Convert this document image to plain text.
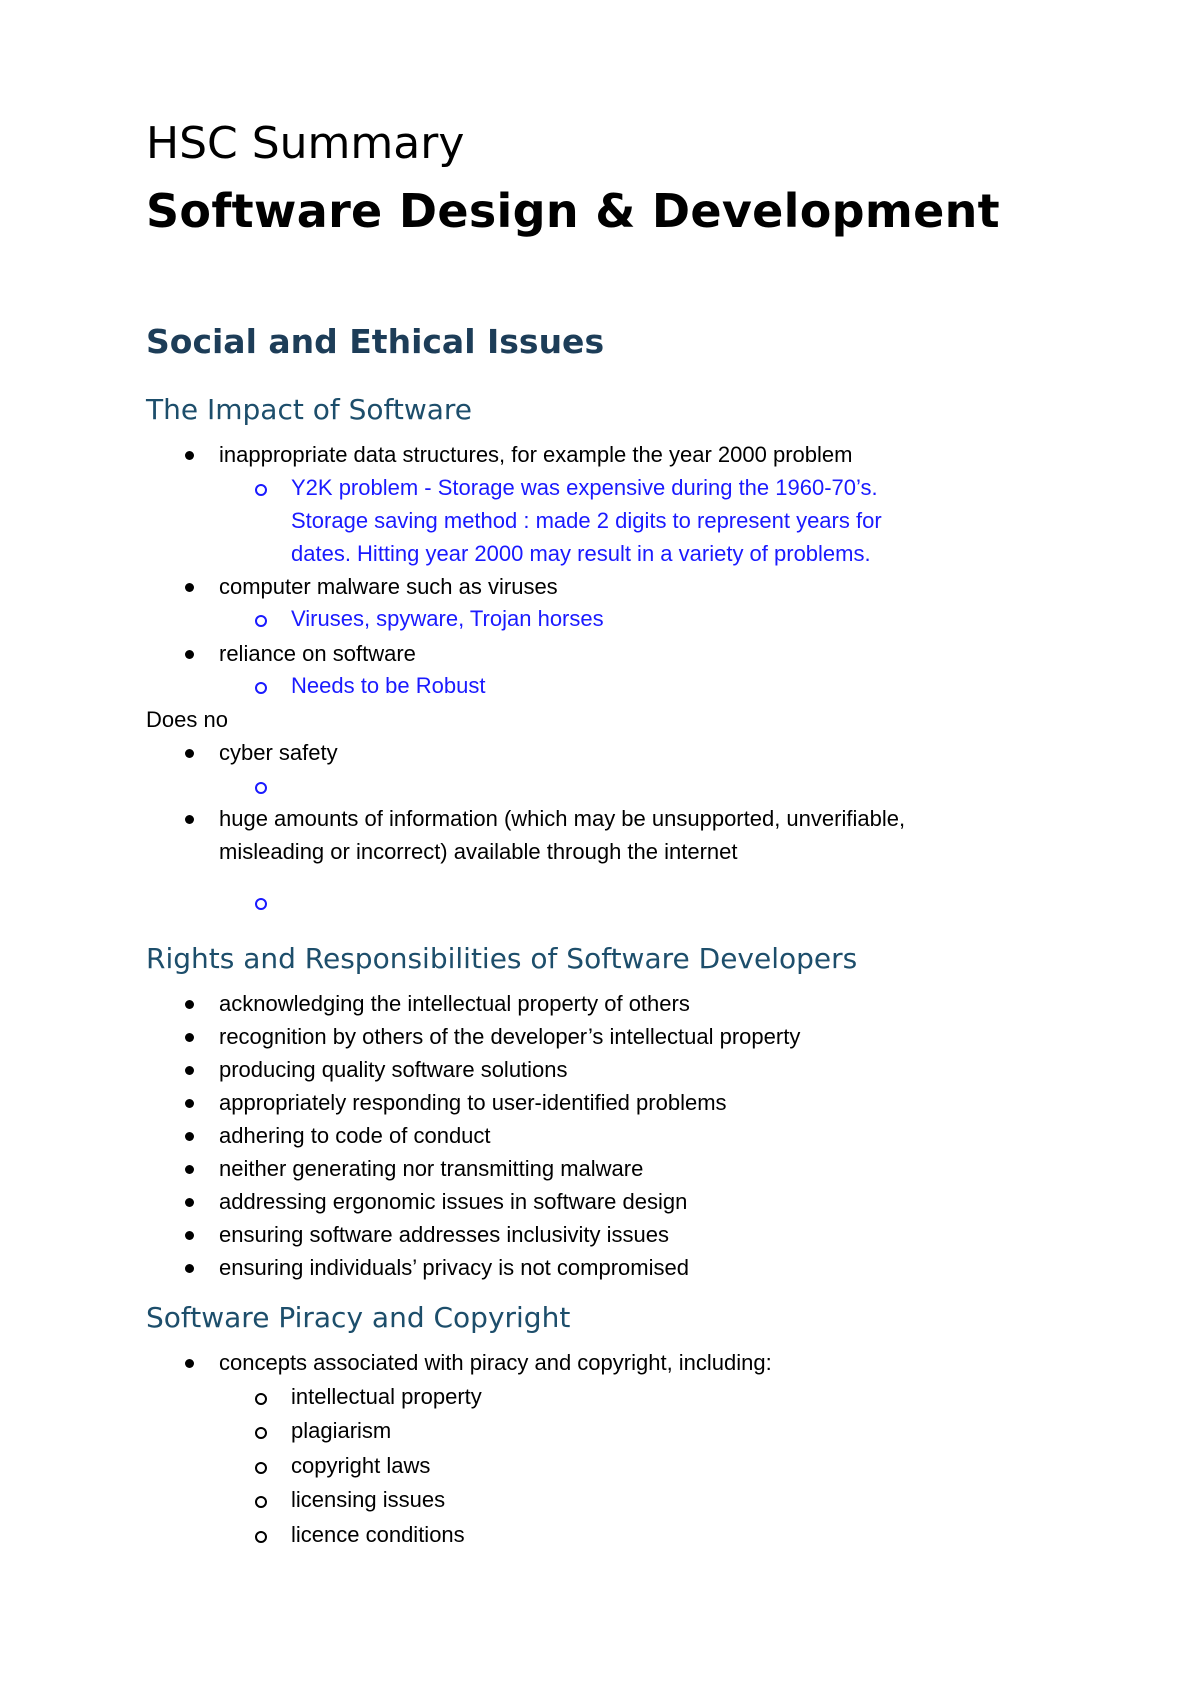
HSC Summary
Software Design & Development
Social and Ethical Issues
The Impact of Software
inappropriate data structures, for example the year 2000 problem
Y2K problem - Storage was expensive during the 1960-70’s.
Storage saving method : made 2 digits to represent years for
dates. Hitting year 2000 may result in a variety of problems.
computer malware such as viruses
Viruses, spyware, Trojan horses
reliance on software
Needs to be Robust
Does no
cyber safety
huge amounts of information (which may be unsupported, unverifiable,
misleading or incorrect) available through the internet
Rights and Responsibilities of Software Developers
acknowledging the intellectual property of others
recognition by others of the developer’s intellectual property
producing quality software solutions
appropriately responding to user-identified problems
adhering to code of conduct
neither generating nor transmitting malware
addressing ergonomic issues in software design
ensuring software addresses inclusivity issues
ensuring individuals’ privacy is not compromised
Software Piracy and Copyright
concepts associated with piracy and copyright, including:
intellectual property
plagiarism
copyright laws
licensing issues
licence conditions
